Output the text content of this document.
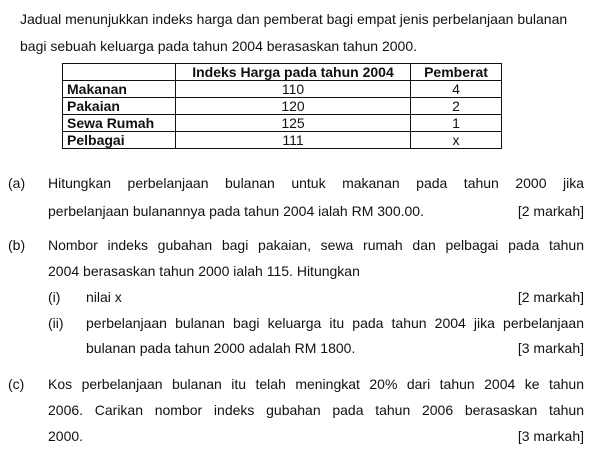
Jadual menunjukkan indeks harga dan pemberat bagi empat jenis perbelanjaan bulanan bagi sebuah keluarga pada tahun 2004 berasaskan tahun 2000.
	Indeks Harga pada tahun 2004	Pemberat
Makanan	110	4
Pakaian	120	2
Sewa Rumah	125	1
Pelbagai	111	x
(a) Hitungkan perbelanjaan bulanan untuk makanan pada tahun 2000 jika
perbelanjaan bulanannya pada tahun 2004 ialah RM 300.00.	[2 markah]
(b) Nombor indeks gubahan bagi pakaian, sewa rumah dan pelbagai pada tahun
2004 berasaskan tahun 2000 ialah 115. Hitungkan
(i) nilai x	[2 markah]
(ii) perbelanjaan bulanan bagi keluarga itu pada tahun 2004 jika perbelanjaan
bulanan pada tahun 2000 adalah RM 1800.	[3 markah]
(c) Kos perbelanjaan bulanan itu telah meningkat 20% dari tahun 2004 ke tahun
2006. Carikan nombor indeks gubahan pada tahun 2006 berasaskan tahun
2000.	[3 markah]
